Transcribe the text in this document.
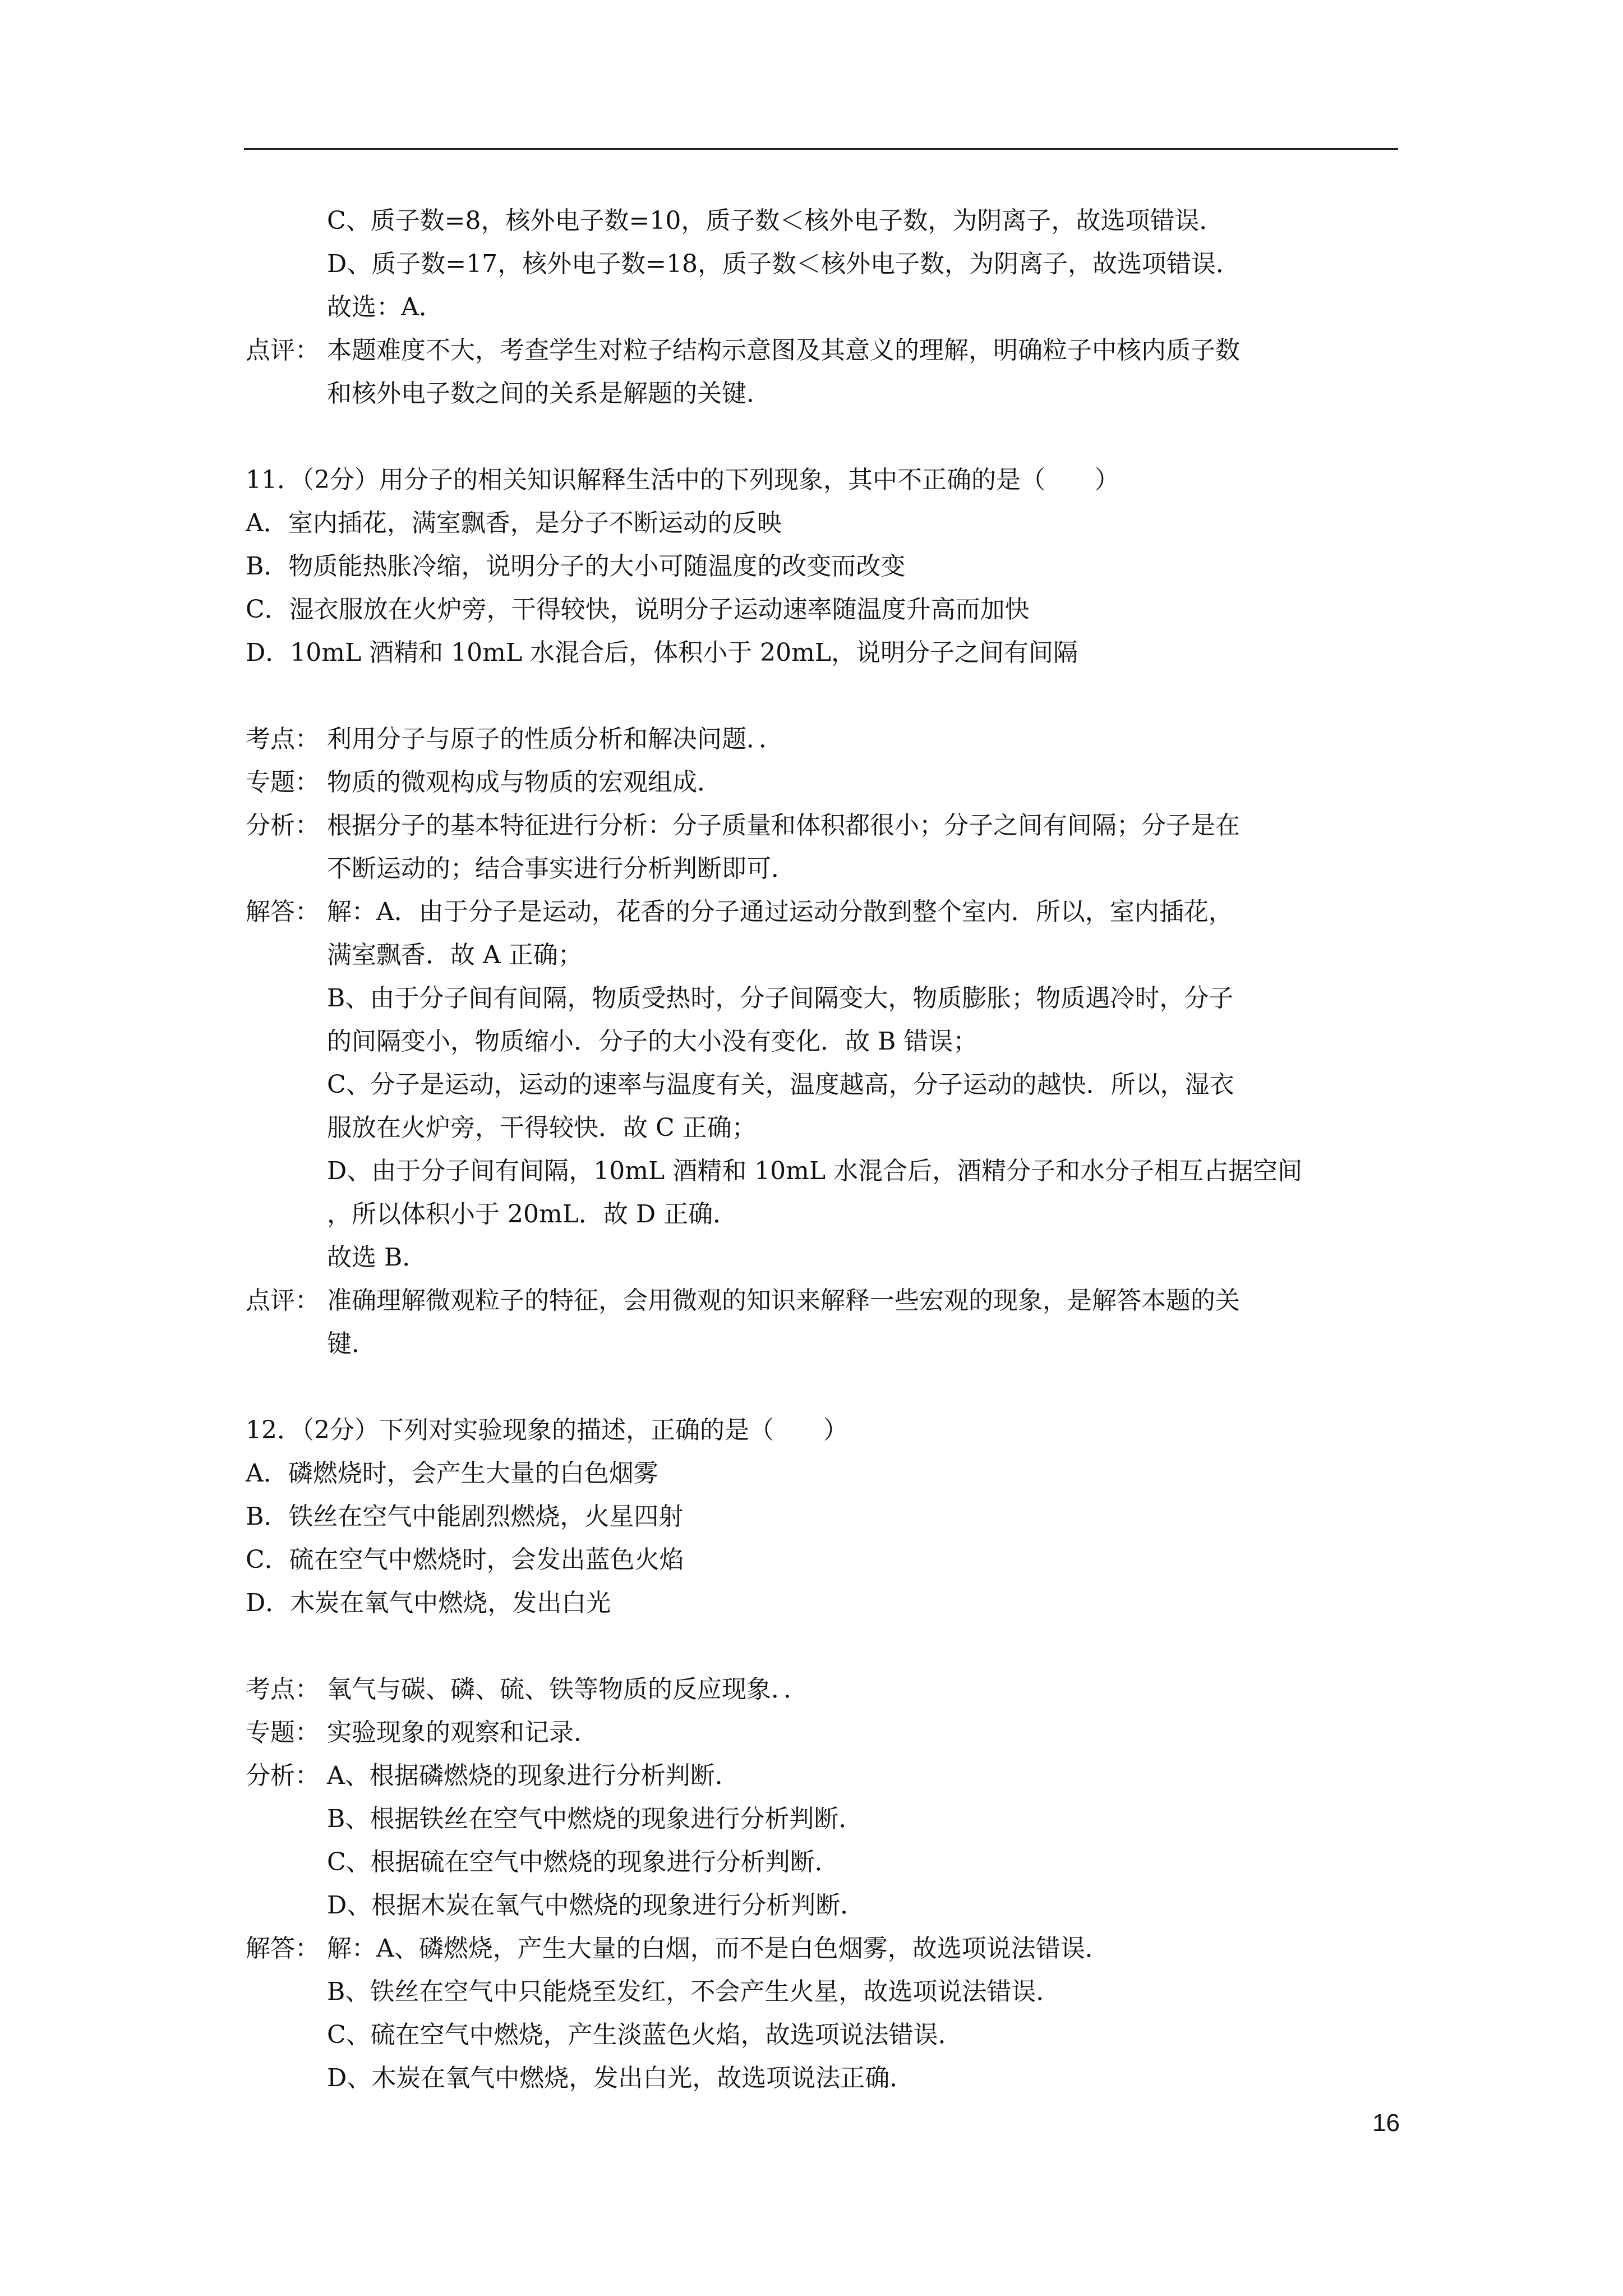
C、质子数=8，核外电子数=10，质子数＜核外电子数，为阴离子，故选项错误．
D、质子数=17，核外电子数=18，质子数＜核外电子数，为阴离子，故选项错误．
故选：A．
点评： 本题难度不大，考查学生对粒子结构示意图及其意义的理解，明确粒子中核内质子数
和核外电子数之间的关系是解题的关键．
11．（2分）用分子的相关知识解释生活中的下列现象，其中不正确的是（　　）
A．室内插花，满室飘香，是分子不断运动的反映
B．物质能热胀冷缩，说明分子的大小可随温度的改变而改变
C．湿衣服放在火炉旁，干得较快，说明分子运动速率随温度升高而加快
D．10mL 酒精和 10mL 水混合后，体积小于 20mL，说明分子之间有间隔
考点： 利用分子与原子的性质分析和解决问题．．
专题： 物质的微观构成与物质的宏观组成．
分析： 根据分子的基本特征进行分析：分子质量和体积都很小；分子之间有间隔；分子是在
不断运动的；结合事实进行分析判断即可．
解答： 解：A．由于分子是运动，花香的分子通过运动分散到整个室内．所以，室内插花，
满室飘香．故 A 正确；
B、由于分子间有间隔，物质受热时，分子间隔变大，物质膨胀；物质遇冷时，分子
的间隔变小，物质缩小．分子的大小没有变化．故 B 错误；
C、分子是运动，运动的速率与温度有关，温度越高，分子运动的越快．所以，湿衣
服放在火炉旁，干得较快．故 C 正确；
D、由于分子间有间隔，10mL 酒精和 10mL 水混合后，酒精分子和水分子相互占据空间
，所以体积小于 20mL．故 D 正确．
故选 B．
点评： 准确理解微观粒子的特征，会用微观的知识来解释一些宏观的现象，是解答本题的关
键．
12．（2分）下列对实验现象的描述，正确的是（　　）
A．磷燃烧时，会产生大量的白色烟雾
B．铁丝在空气中能剧烈燃烧，火星四射
C．硫在空气中燃烧时，会发出蓝色火焰
D．木炭在氧气中燃烧，发出白光
考点： 氧气与碳、磷、硫、铁等物质的反应现象．．
专题： 实验现象的观察和记录．
分析： A、根据磷燃烧的现象进行分析判断．
B、根据铁丝在空气中燃烧的现象进行分析判断．
C、根据硫在空气中燃烧的现象进行分析判断．
D、根据木炭在氧气中燃烧的现象进行分析判断．
解答： 解：A、磷燃烧，产生大量的白烟，而不是白色烟雾，故选项说法错误．
B、铁丝在空气中只能烧至发红，不会产生火星，故选项说法错误．
C、硫在空气中燃烧，产生淡蓝色火焰，故选项说法错误．
D、木炭在氧气中燃烧，发出白光，故选项说法正确．
16
